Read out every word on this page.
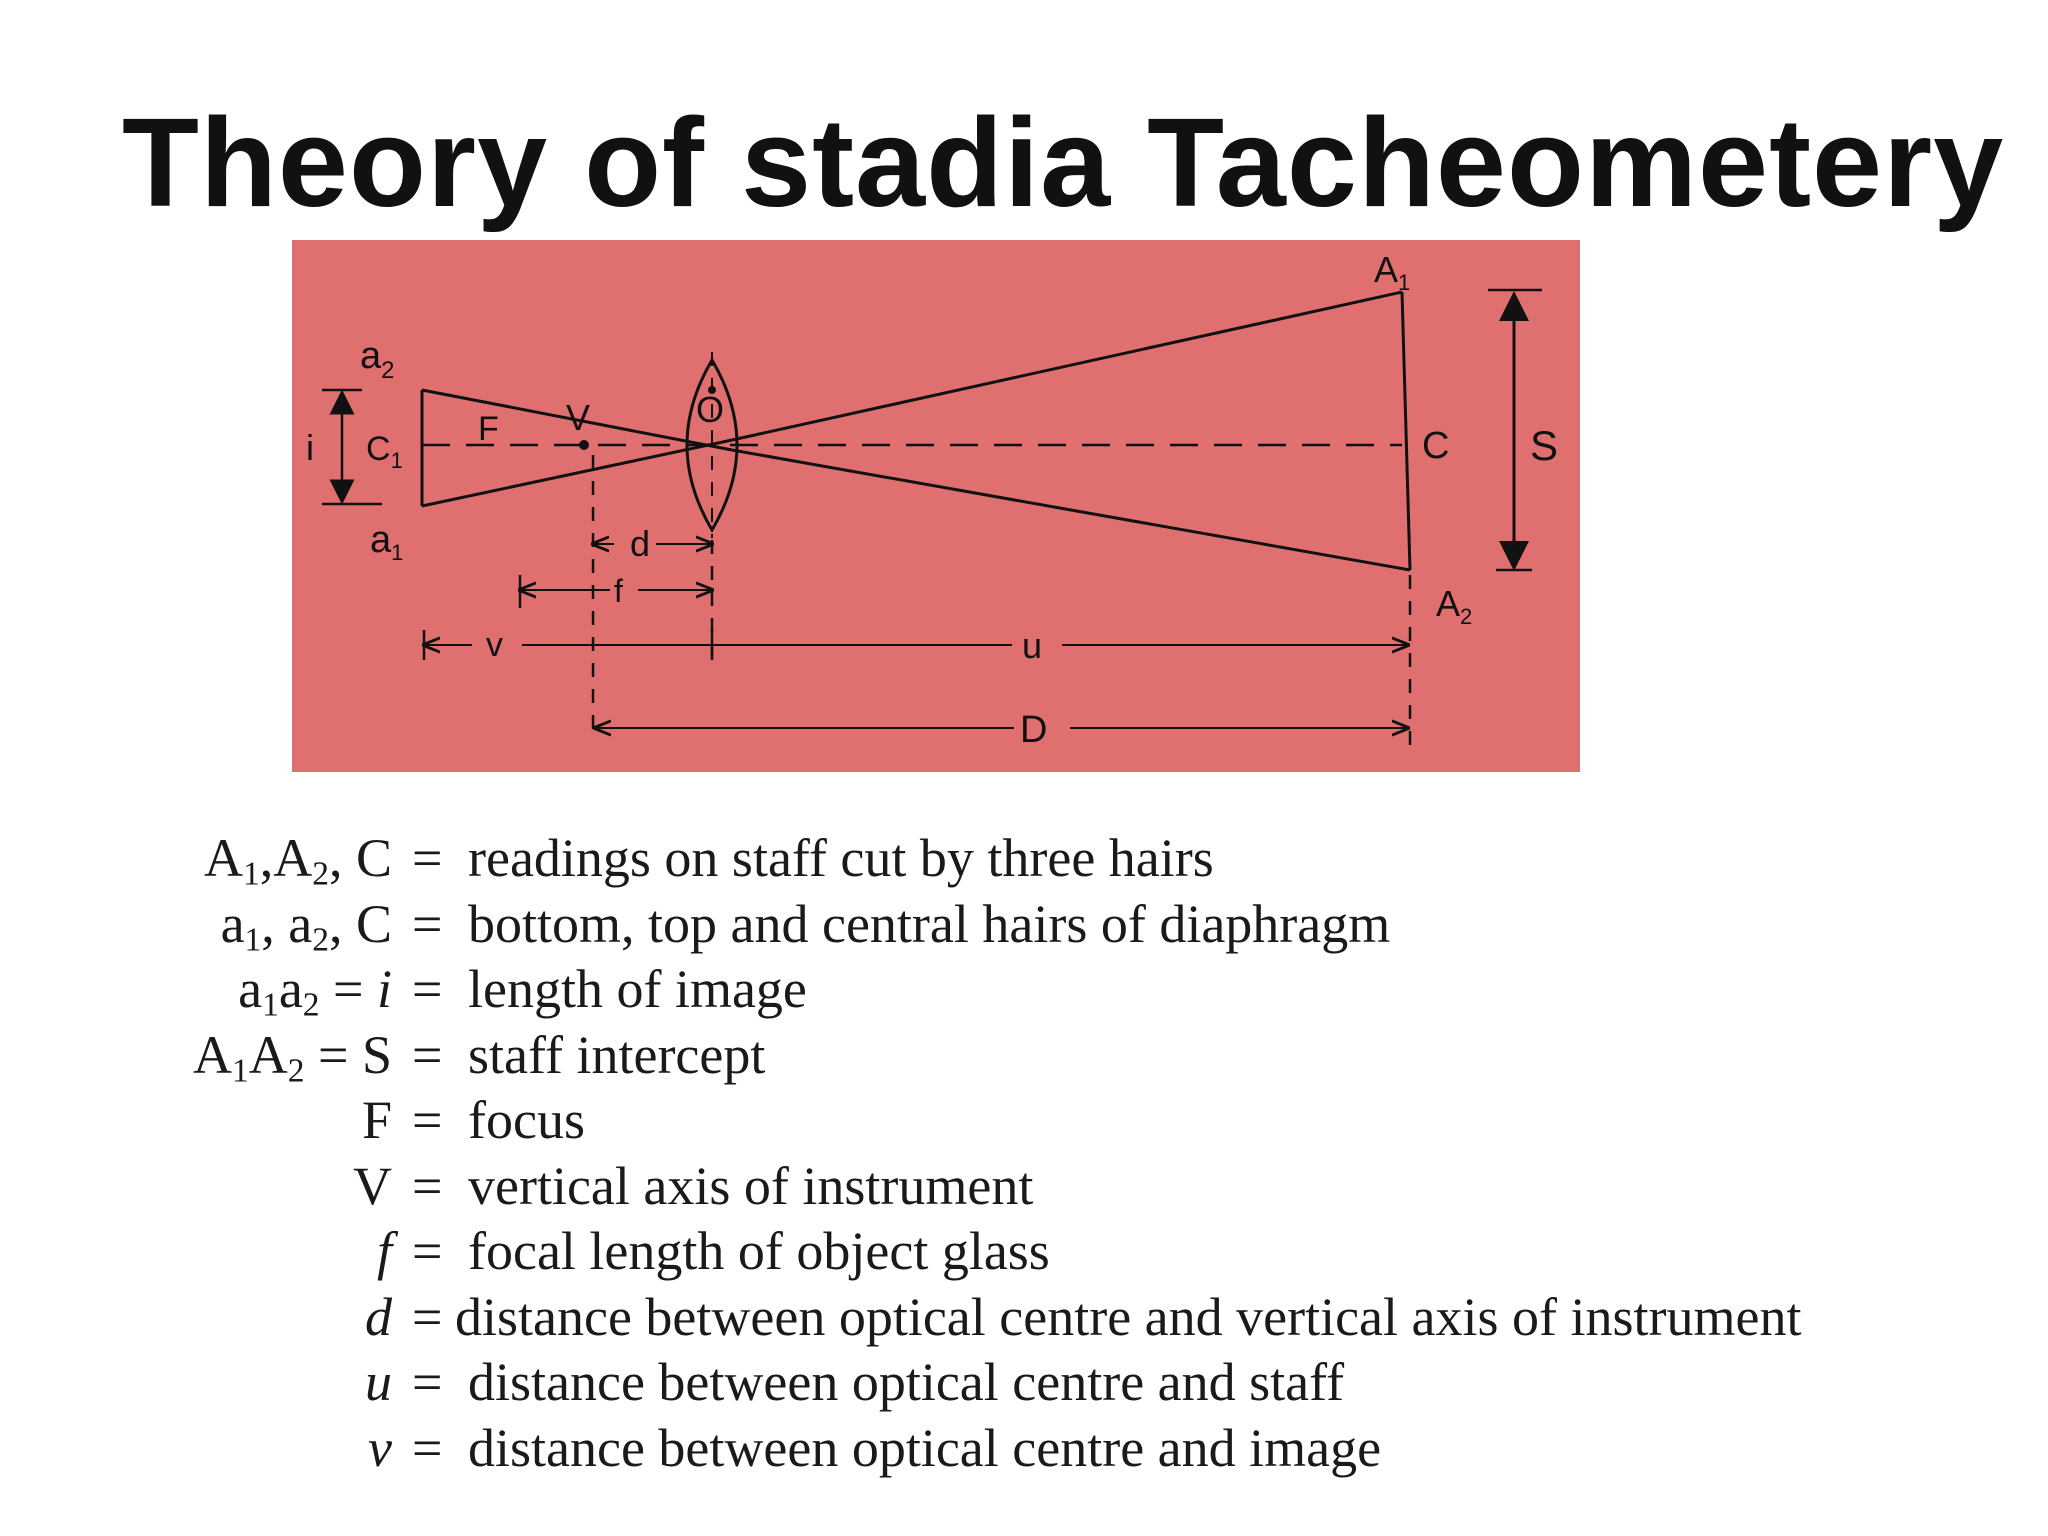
Theory of stadia Tacheometery
$a_2$
i $C_1$
$a_1$
F V	O
C S
$A_1$
$A_2$
d
f
v	u
D
$A_1,A_2$, C = readings on staff cut by three hairs
$a_1$, $a_2$, C = bottom, top and central hairs of diaphragm
$a_1a_2 = i$ = length of image
$A_1A_2 = S$ = staff intercept
F = focus
V = vertical axis of instrument
f = focal length of object glass
d = distance between optical centre and vertical axis of instrument
u = distance between optical centre and staff
v = distance between optical centre and image
